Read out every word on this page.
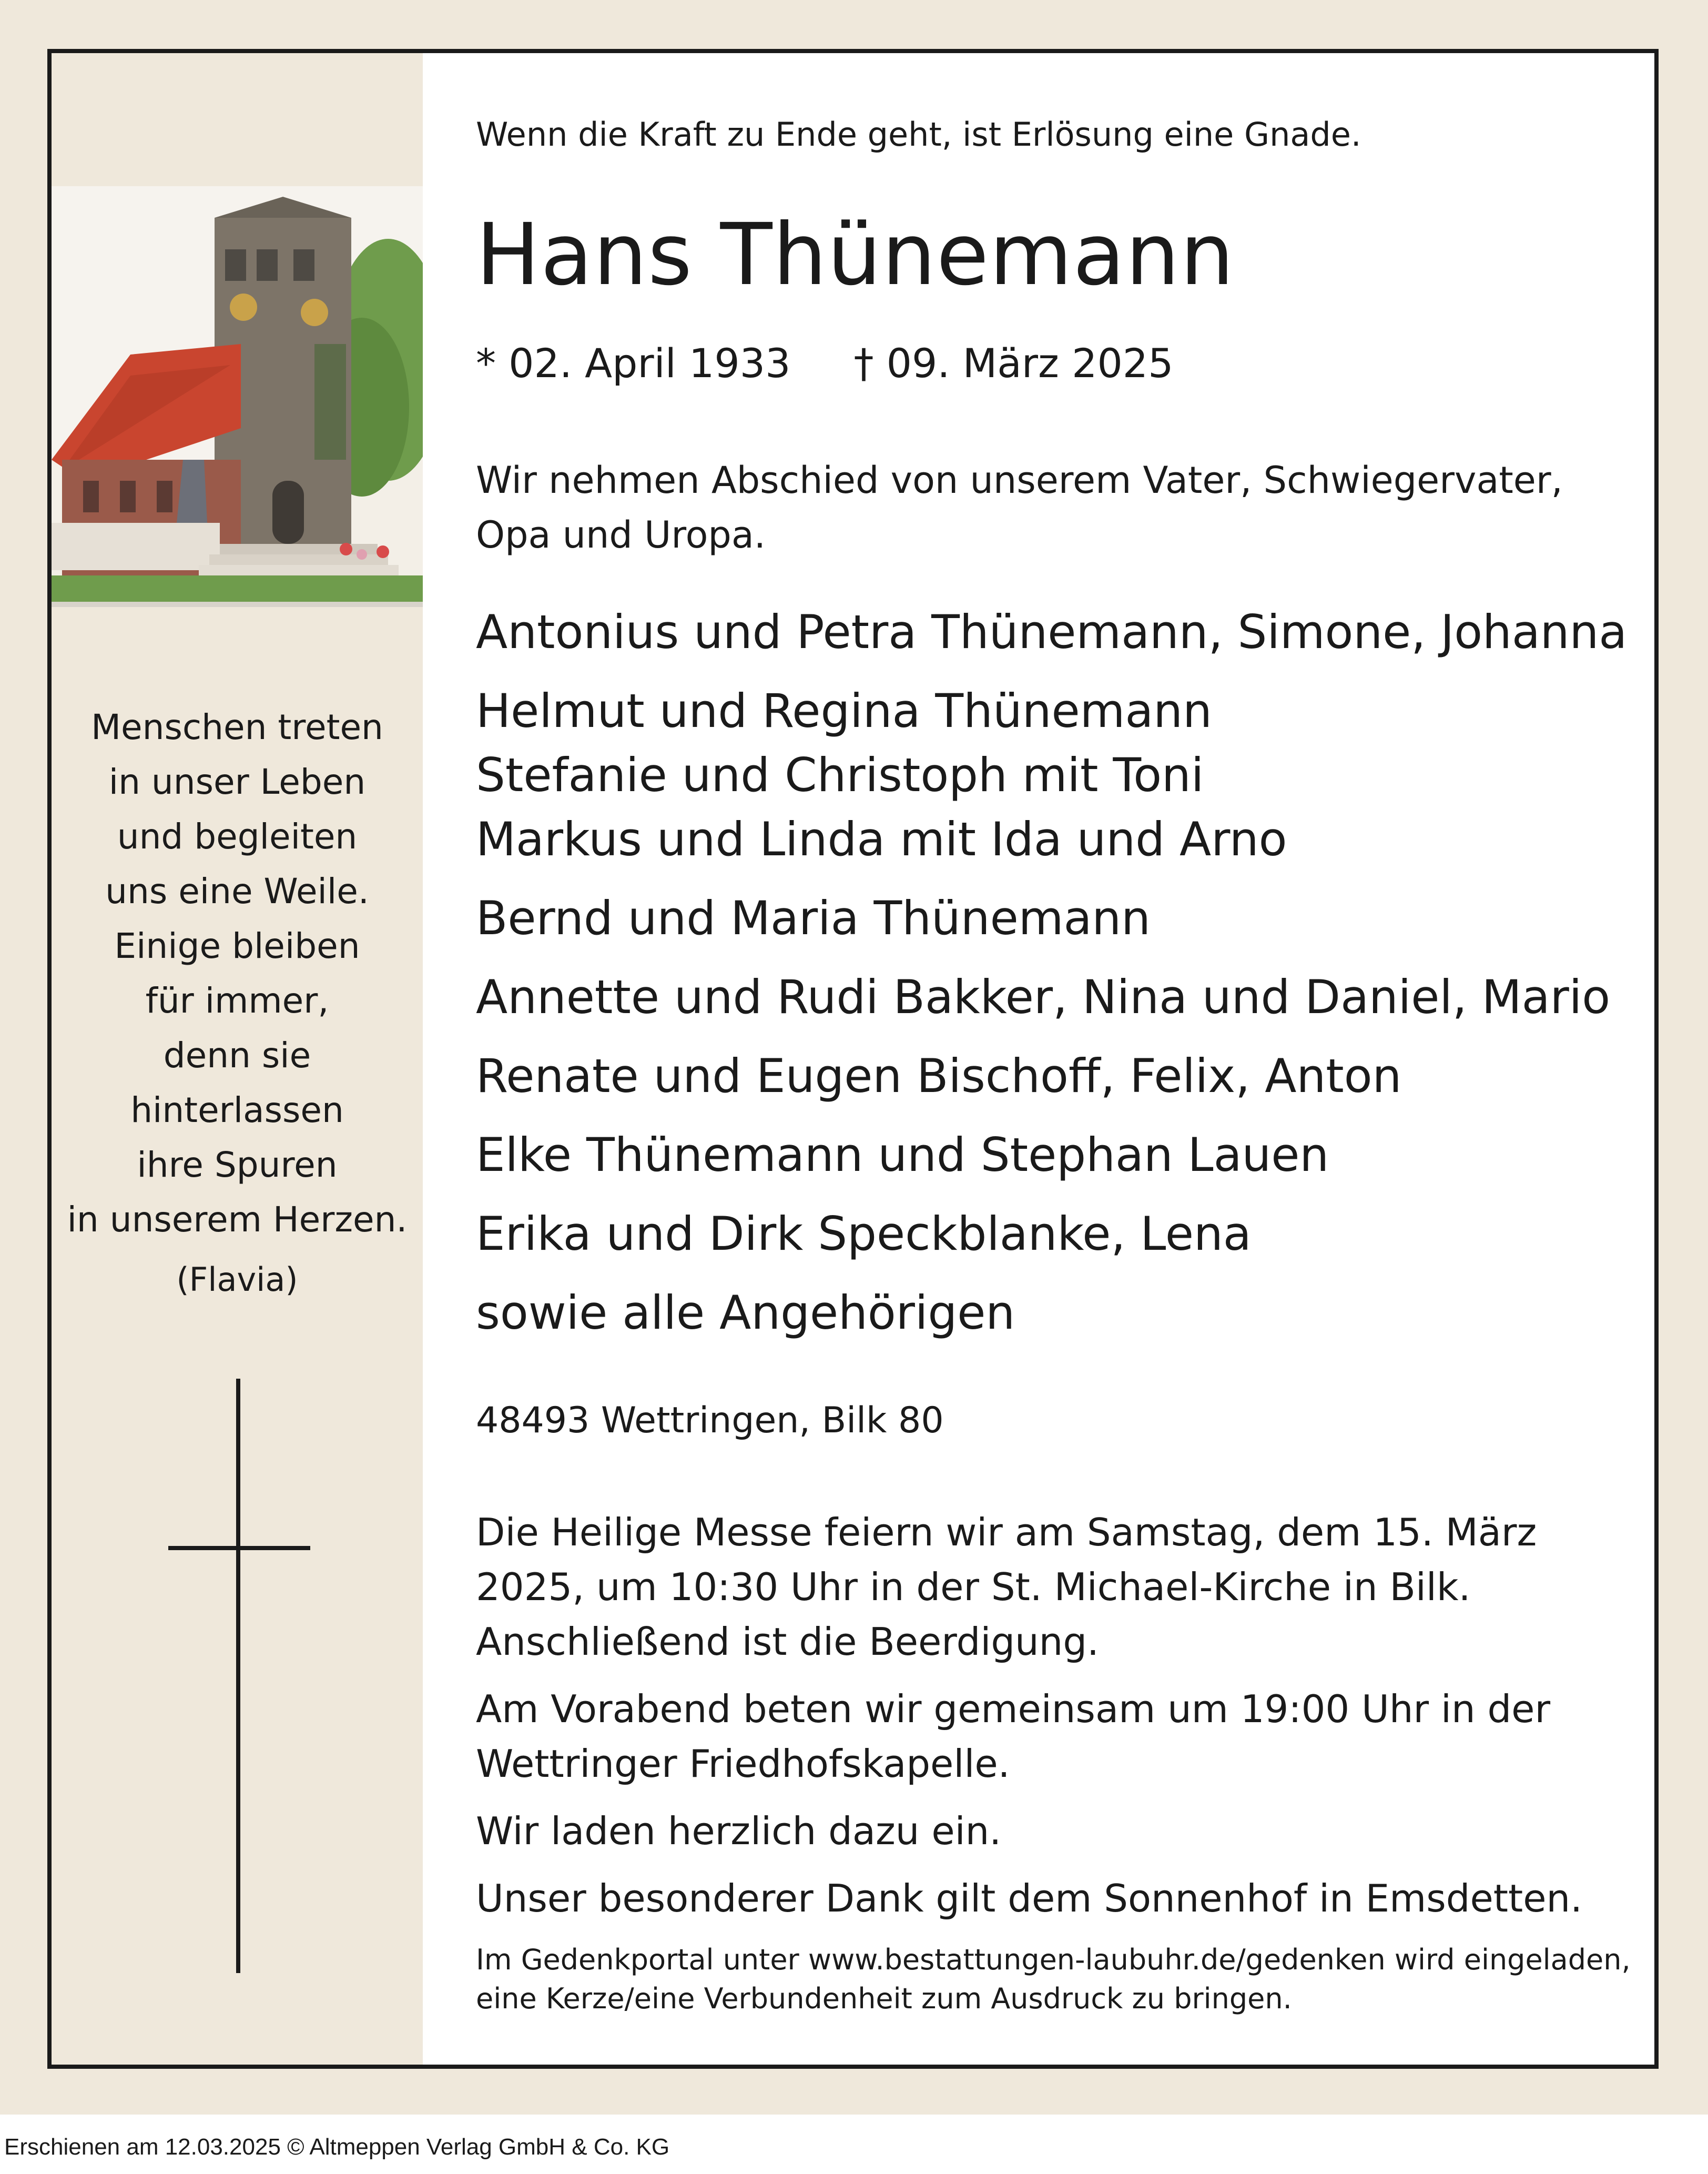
Menschen treten
in unser Leben
und begleiten
uns eine Weile.
Einige bleiben
für immer,
denn sie
hinterlassen
ihre Spuren
in unserem Herzen.
(Flavia)
Wenn die Kraft zu Ende geht, ist Erlösung eine Gnade.
Hans Thünemann
* 02. April 1933 † 09. März 2025
Wir nehmen Abschied von unserem Vater, Schwiegervater, Opa und Uropa.
Antonius und Petra Thünemann, Simone, Johanna
Helmut und Regina Thünemann
Stefanie und Christoph mit Toni
Markus und Linda mit Ida und Arno
Bernd und Maria Thünemann
Annette und Rudi Bakker, Nina und Daniel, Mario
Renate und Eugen Bischoff, Felix, Anton
Elke Thünemann und Stephan Lauen
Erika und Dirk Speckblanke, Lena
sowie alle Angehörigen
48493 Wettringen, Bilk 80

Die Heilige Messe feiern wir am Samstag, dem 15. März 2025, um 10:30 Uhr in der St. Michael-Kirche in Bilk. Anschließend ist die Beerdigung.

Am Vorabend beten wir gemeinsam um 19:00 Uhr in der Wettringer Friedhofskapelle.

Wir laden herzlich dazu ein.

Unser besonderer Dank gilt dem Sonnenhof in Emsdetten.

Im Gedenkportal unter www.bestattungen-laubuhr.de/gedenken wird eingeladen, eine Kerze/eine Verbundenheit zum Ausdruck zu bringen.
Erschienen am 12.03.2025 © Altmeppen Verlag GmbH & Co. KG
